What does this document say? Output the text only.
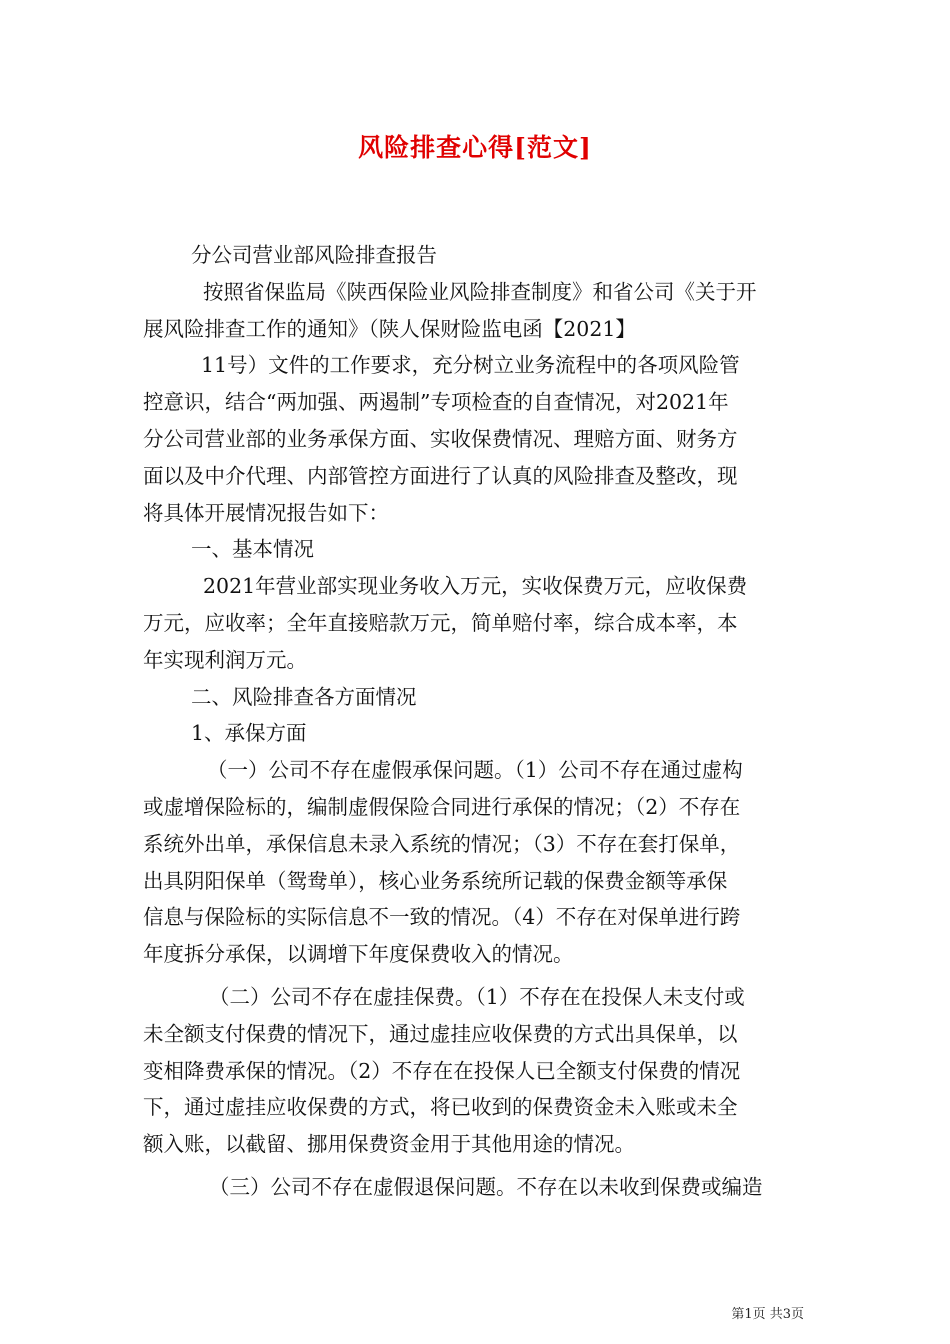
风险排查心得[范文]

分公司营业部风险排查报告

按照省保监局《陕西保险业风险排查制度》和省公司《关于开
展风险排查工作的通知》（陕人保财险监电函【2021】
11号）文件的工作要求，充分树立业务流程中的各项风险管
控意识，结合“两加强、两遏制”专项检查的自查情况，对2021年
分公司营业部的业务承保方面、实收保费情况、理赔方面、财务方
面以及中介代理、内部管控方面进行了认真的风险排查及整改，现
将具体开展情况报告如下：

一、基本情况

2021年营业部实现业务收入万元，实收保费万元，应收保费
万元，应收率；全年直接赔款万元，简单赔付率，综合成本率，本
年实现利润万元。

二、风险排查各方面情况

1、承保方面

（一）公司不存在虚假承保问题。（1）公司不存在通过虚构
或虚增保险标的，编制虚假保险合同进行承保的情况；（2）不存在
系统外出单，承保信息未录入系统的情况；（3）不存在套打保单，
出具阴阳保单（鸳鸯单），核心业务系统所记载的保费金额等承保
信息与保险标的实际信息不一致的情况。（4）不存在对保单进行跨
年度拆分承保，以调增下年度保费收入的情况。

（二）公司不存在虚挂保费。（1）不存在在投保人未支付或
未全额支付保费的情况下，通过虚挂应收保费的方式出具保单，以
变相降费承保的情况。（2）不存在在投保人已全额支付保费的情况
下，通过虚挂应收保费的方式，将已收到的保费资金未入账或未全
额入账，以截留、挪用保费资金用于其他用途的情况。

（三）公司不存在虚假退保问题。不存在以未收到保费或编造

第1页 共3页
